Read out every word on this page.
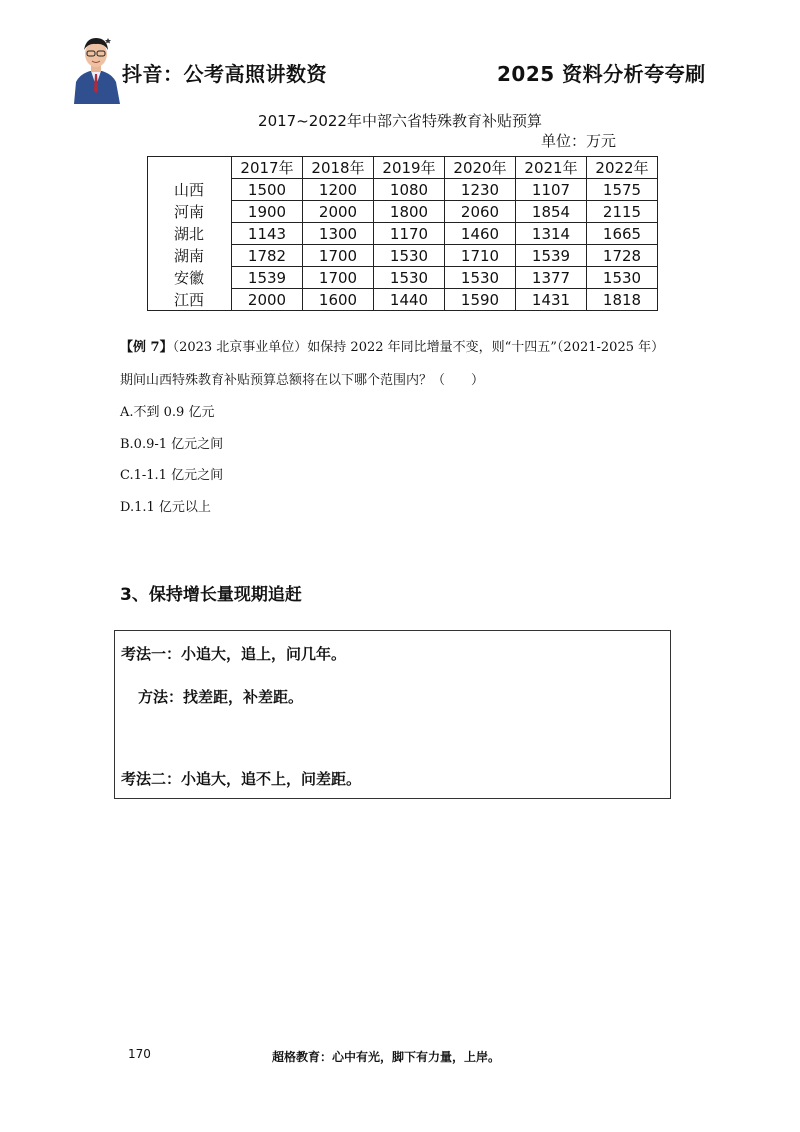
抖音：公考高照讲数资	2025 资料分析夸夸刷
2017~2022年中部六省特殊教育补贴预算
单位：万元
	2017年	2018年	2019年	2020年	2021年	2022年
山西	1500	1200	1080	1230	1107	1575
河南	1900	2000	1800	2060	1854	2115
湖北	1143	1300	1170	1460	1314	1665
湖南	1782	1700	1530	1710	1539	1728
安徽	1539	1700	1530	1530	1377	1530
江西	2000	1600	1440	1590	1431	1818
【例 7】（2023 北京事业单位）如保持 2022 年同比增量不变，则“十四五”（2021-2025 年）
期间山西特殊教育补贴预算总额将在以下哪个范围内？（　　）
A.不到 0.9 亿元
B.0.9-1 亿元之间
C.1-1.1 亿元之间
D.1.1 亿元以上
3、保持增长量现期追赶
考法一：小追大，追上，问几年。
方法：找差距，补差距。
考法二：小追大，追不上，问差距。
170	超格教育：心中有光，脚下有力量，上岸。
